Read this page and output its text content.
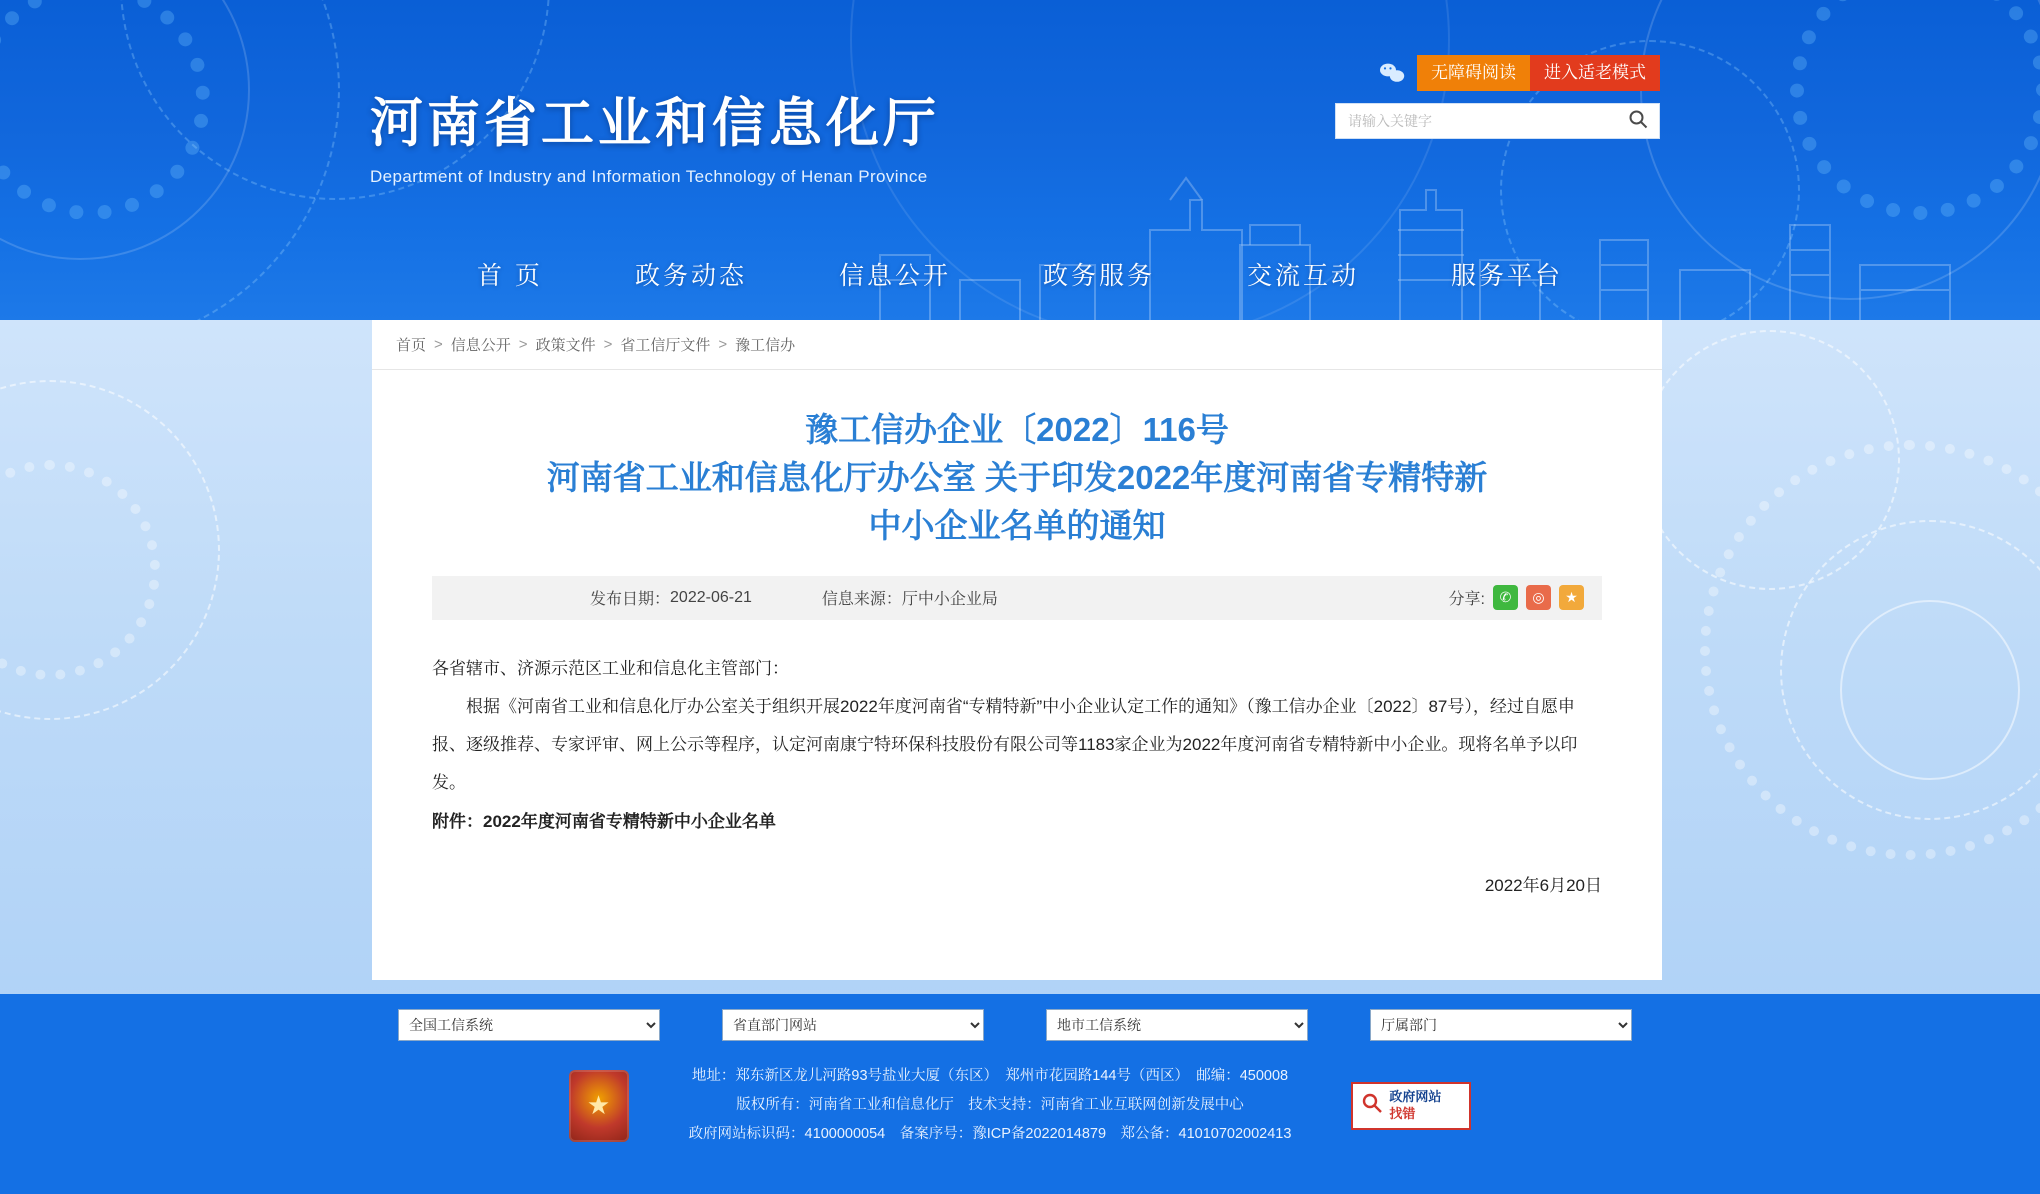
河南省工业和信息化厅
Department of Industry and Information Technology of Henan Province
无障碍阅读	进入适老模式
请输入关键字
首 页	政务动态	信息公开	政务服务	交流互动	服务平台
首页 > 信息公开 > 政策文件 > 省工信厅文件 > 豫工信办
豫工信办企业〔2022〕116号
河南省工业和信息化厅办公室 关于印发2022年度河南省专精特新
中小企业名单的通知
发布日期： 2022-06-21	信息来源： 厅中小企业局	分享:	✆	◎	★

各省辖市、济源示范区工业和信息化主管部门：

根据《河南省工业和信息化厅办公室关于组织开展2022年度河南省“专精特新”中小企业认定工作的通知》（豫工信办企业〔2022〕87号），经过自愿申报、逐级推荐、专家评审、网上公示等程序，认定河南康宁特环保科技股份有限公司等1183家企业为2022年度河南省专精特新中小企业。现将名单予以印发。

附件：2022年度河南省专精特新中小企业名单

2022年6月20日
全国工信系统
省直部门网站
地市工信系统
厅属部门
★
地址：郑东新区龙儿河路93号盐业大厦（东区）　郑州市花园路144号（西区）　邮编：450008
版权所有：河南省工业和信息化厅　技术支持：河南省工业互联网创新发展中心
政府网站标识码：4100000054　备案序号：豫ICP备2022014879　郑公备：41010702002413
政府网站
找错
